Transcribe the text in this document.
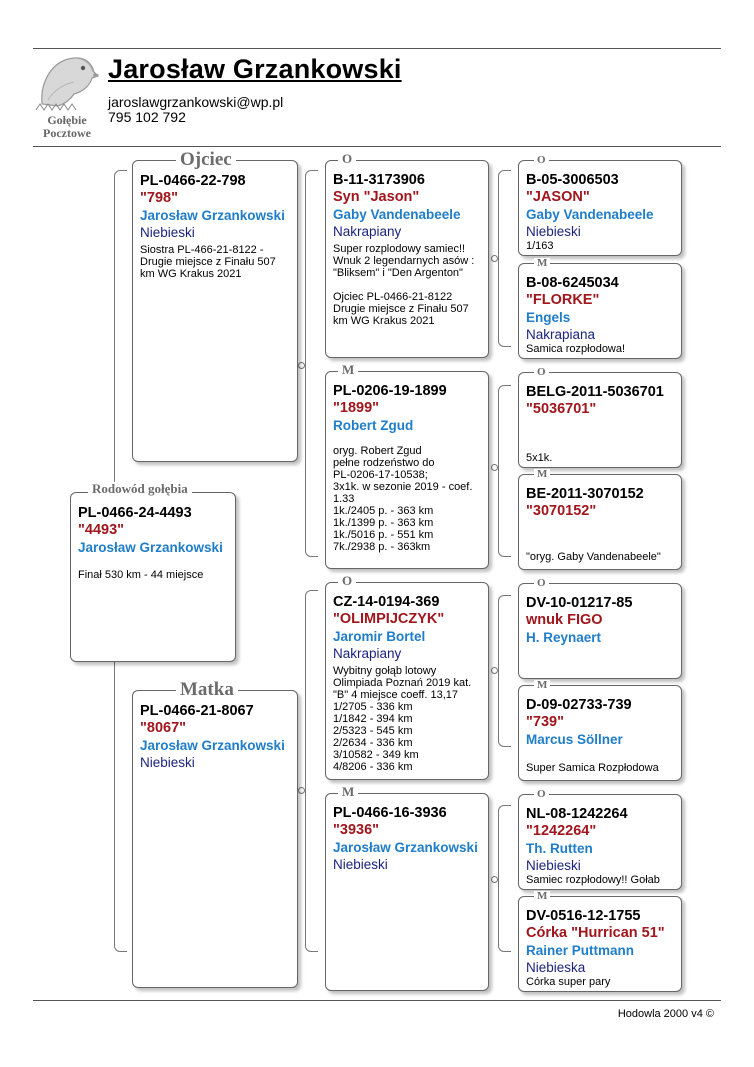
Gołębie
Pocztowe
Jarosław Grzankowski
jaroslawgrzankowski@wp.pl
795 102 792
PL-0466-24-4493
"4493"
Jarosław Grzankowski
Finał 530 km - 44 miejsce
Rodowód gołębia
PL-0466-22-798
"798"
Jarosław Grzankowski
Niebieski
Siostra PL-466-21-8122 -
Drugie miejsce z Finału 507
km WG Krakus 2021
Ojciec
PL-0466-21-8067
"8067"
Jarosław Grzankowski
Niebieski
Matka
B-11-3173906
Syn "Jason"
Gaby Vandenabeele
Nakrapiany
Super rozplodowy samiec!!
Wnuk 2 legendarnych asów :
"Bliksem" i "Den Argenton"

Ojciec PL-0466-21-8122
Drugie miejsce z Finału 507
km WG Krakus 2021
O
PL-0206-19-1899
"1899"
Robert Zgud
oryg. Robert Zgud
pełne rodzeństwo do
PL-0206-17-10538;
3x1k. w sezonie 2019 - coef.
1.33
1k./2405 p. - 363 km
1k./1399 p. - 363 km
1k./5016 p. - 551 km
7k./2938 p. - 363km
M
CZ-14-0194-369
"OLIMPIJCZYK"
Jaromir Bortel
Nakrapiany
Wybitny gołąb lotowy
Olimpiada Poznań 2019 kat.
"B" 4 miejsce coeff. 13,17
1/2705 - 336 km
1/1842 - 394 km
2/5323 - 545 km
2/2634 - 336 km
3/10582 - 349 km
4/8206 - 336 km
O
PL-0466-16-3936
"3936"
Jarosław Grzankowski
Niebieski
M
B-05-3006503
"JASON"
Gaby Vandenabeele
Niebieski
1/163
O
B-08-6245034
"FLORKE"
Engels
Nakrapiana
Samica rozpłodowa!
M
BELG-2011-5036701
"5036701"
5x1k.
O
BE-2011-3070152
"3070152"
"oryg. Gaby Vandenabeele"
M
DV-10-01217-85
wnuk FIGO
H. Reynaert
O
D-09-02733-739
"739"
Marcus Söllner
Super Samica Rozpłodowa
M
NL-08-1242264
"1242264"
Th. Rutten
Niebieski
Samiec rozpłodowy!! Gołab
O
DV-0516-12-1755
Córka "Hurrican 51"
Rainer Puttmann
Niebieska
Córka super pary
M
Hodowla 2000 v4 ©
